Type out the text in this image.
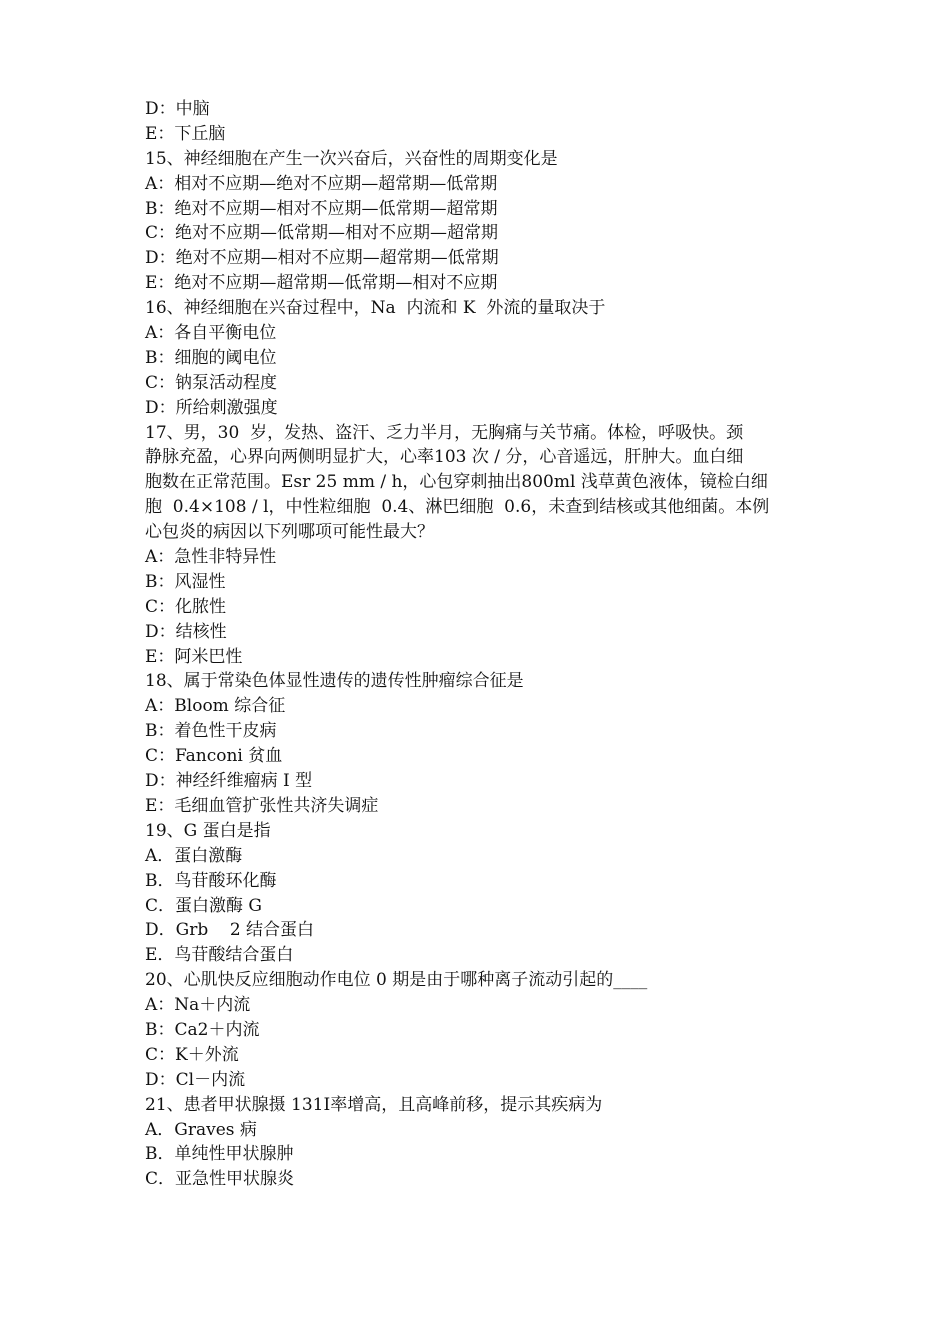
D：中脑
E：下丘脑
15、神经细胞在产生一次兴奋后，兴奋性的周期变化是
A：相对不应期—绝对不应期—超常期—低常期
B：绝对不应期—相对不应期—低常期—超常期
C：绝对不应期—低常期—相对不应期—超常期
D：绝对不应期—相对不应期—超常期—低常期
E：绝对不应期—超常期—低常期—相对不应期
16、神经细胞在兴奋过程中，Na  内流和 K  外流的量取决于
A：各自平衡电位
B：细胞的阈电位
C：钠泵活动程度
D：所给刺激强度
17、男，30  岁，发热、盗汗、乏力半月，无胸痛与关节痛。体检，呼吸快。颈
静脉充盈，心界向两侧明显扩大，心率103 次 / 分，心音遥远，肝肿大。血白细
胞数在正常范围。Esr 25 mm / h，心包穿刺抽出800ml 浅草黄色液体，镜检白细
胞  0.4×108 / l，中性粒细胞  0.4、淋巴细胞  0.6，未查到结核或其他细菌。本例
心包炎的病因以下列哪项可能性最大？
A：急性非特异性
B：风湿性
C：化脓性
D：结核性
E：阿米巴性
18、属于常染色体显性遗传的遗传性肿瘤综合征是
A：Bloom 综合征
B：着色性干皮病
C：Fanconi 贫血
D：神经纤维瘤病 I 型
E：毛细血管扩张性共济失调症
19、G 蛋白是指
A．蛋白激酶
B．鸟苷酸环化酶
C．蛋白激酶 G
D．Grb    2 结合蛋白
E．鸟苷酸结合蛋白
20、心肌快反应细胞动作电位 0 期是由于哪种离子流动引起的____
A：Na＋内流
B：Ca2＋内流
C：K＋外流
D：Cl－内流
21、患者甲状腺摄 131Ⅰ率增高，且高峰前移，提示其疾病为
A．Graves 病
B．单纯性甲状腺肿
C．亚急性甲状腺炎
